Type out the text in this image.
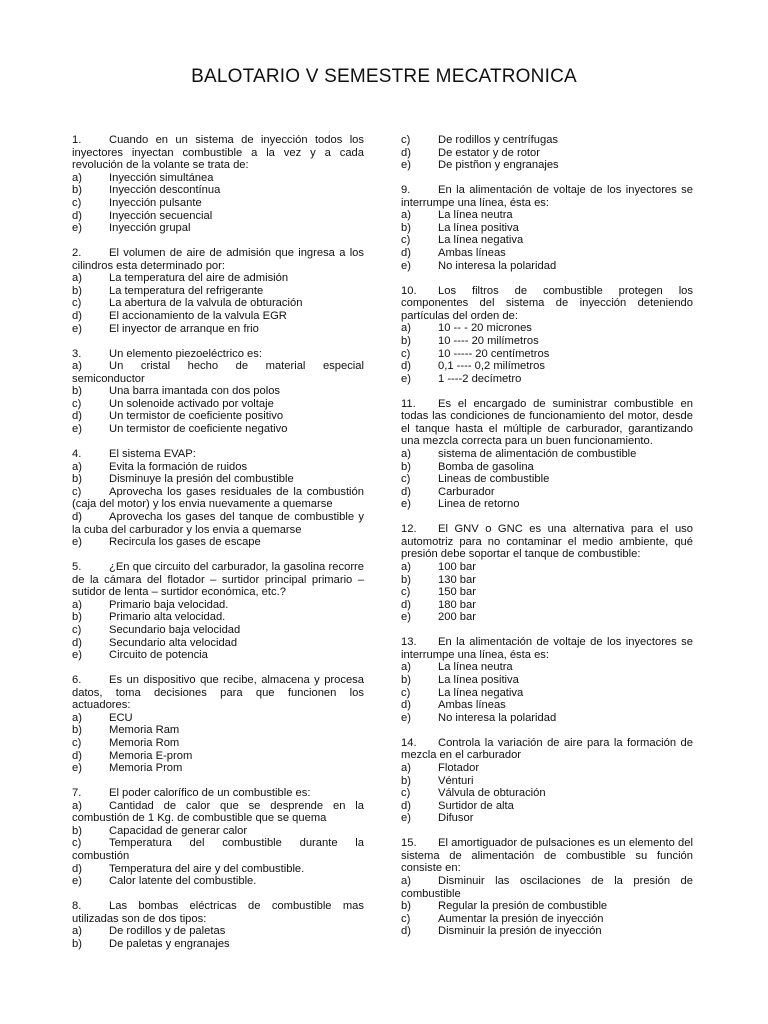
BALOTARIO V SEMESTRE MECATRONICA
1. Cuando en un sistema de inyección todos los inyectores inyectan combustible a la vez y a cada revolución de la volante se trata de:
a)	Inyección simultánea
b)	Inyección descontínua
c)	Inyección pulsante
d)	Inyección secuencial
e)	Inyección grupal
2. El volumen de aire de admisión que ingresa a los cilindros esta determinado por:
a)	La temperatura del aire de admisión
b)	La temperatura del refrigerante
c)	La abertura de la valvula de obturación
d)	El accionamiento de la valvula EGR
e)	El inyector de arranque en frio
3. Un elemento piezoeléctrico es:
a) Un cristal hecho de material especial semiconductor
b)	Una barra imantada con dos polos
c)	Un solenoide activado por voltaje
d)	Un termistor de coeficiente positivo
e)	Un termistor de coeficiente negativo
4. El sistema EVAP:
a)	Evita la formación de ruidos
b)	Disminuye la presión del combustible
c) Aprovecha los gases residuales de la combustión (caja del motor) y los envia nuevamente a quemarse
d) Aprovecha los gases del tanque de combustible y la cuba del carburador y los envia a quemarse
e)	Recircula los gases de escape
5. ¿En que circuito del carburador, la gasolina recorre de la cámara del flotador – surtidor principal primario – sutidor de lenta – surtidor económica, etc.?
a)	Primario baja velocidad.
b)	Primario alta velocidad.
c)	Secundario baja velocidad
d)	Secundario alta velocidad
e)	Circuito de potencia
6. Es un dispositivo que recibe, almacena y procesa datos, toma decisiones para que funcionen los actuadores:
a)	ECU
b)	Memoria Ram
c)	Memoria Rom
d)	Memoria E-prom
e)	Memoria Prom
7. El poder calorífico de un combustible es:
a) Cantidad de calor que se desprende en la combustión de 1 Kg. de combustible que se quema
b)	Capacidad de generar calor
c) Temperatura del combustible durante la combustión
d)	Temperatura del aire y del combustible.
e)	Calor latente del combustible.
8. Las bombas eléctricas de combustible mas utilizadas son de dos tipos:
a)	De rodillos y de paletas
b)	De paletas y engranajes
c)	De rodillos y centrífugas
d)	De estator y de rotor
e)	De pistñon y engranajes
9. En la alimentación de voltaje de los inyectores se interrumpe una línea, ésta es:
a)	La línea neutra
b)	La línea positiva
c)	La línea negativa
d)	Ambas líneas
e)	No interesa la polaridad
10. Los filtros de combustible protegen los componentes del sistema de inyección deteniendo partículas del orden de:
a)	10 -- - 20 micrones
b)	10 ---- 20 milímetros
c)	10 ----- 20 centímetros
d)	0,1 ---- 0,2 milímetros
e)	1 ----2 decímetro
11. Es el encargado de suministrar combustible en todas las condiciones de funcionamiento del motor, desde el tanque hasta el múltiple de carburador, garantizando una mezcla correcta para un buen funcionamiento.
a)	sistema de alimentación de combustible
b)	Bomba de gasolina
c)	Lineas de combustible
d)	Carburador
e)	Linea de retorno
12. El GNV o GNC es una alternativa para el uso automotriz para no contaminar el medio ambiente, qué presión debe soportar el tanque de combustible:
a)	100 bar
b)	130 bar
c)	150 bar
d)	180 bar
e)	200 bar
13. En la alimentación de voltaje de los inyectores se interrumpe una línea, ésta es:
a)	La línea neutra
b)	La línea positiva
c)	La línea negativa
d)	Ambas líneas
e)	No interesa la polaridad
14. Controla la variación de aire para la formación de mezcla en el carburador
a)	Flotador
b)	Vénturi
c)	Válvula de obturación
d)	Surtidor de alta
e)	Difusor
15. El amortiguador de pulsaciones es un elemento del sistema de alimentación de combustible su función consiste en:
a) Disminuir las oscilaciones de la presión de combustible
b)	Regular la presión de combustible
c)	Aumentar la presión de inyección
d)	Disminuir la presión de inyección
